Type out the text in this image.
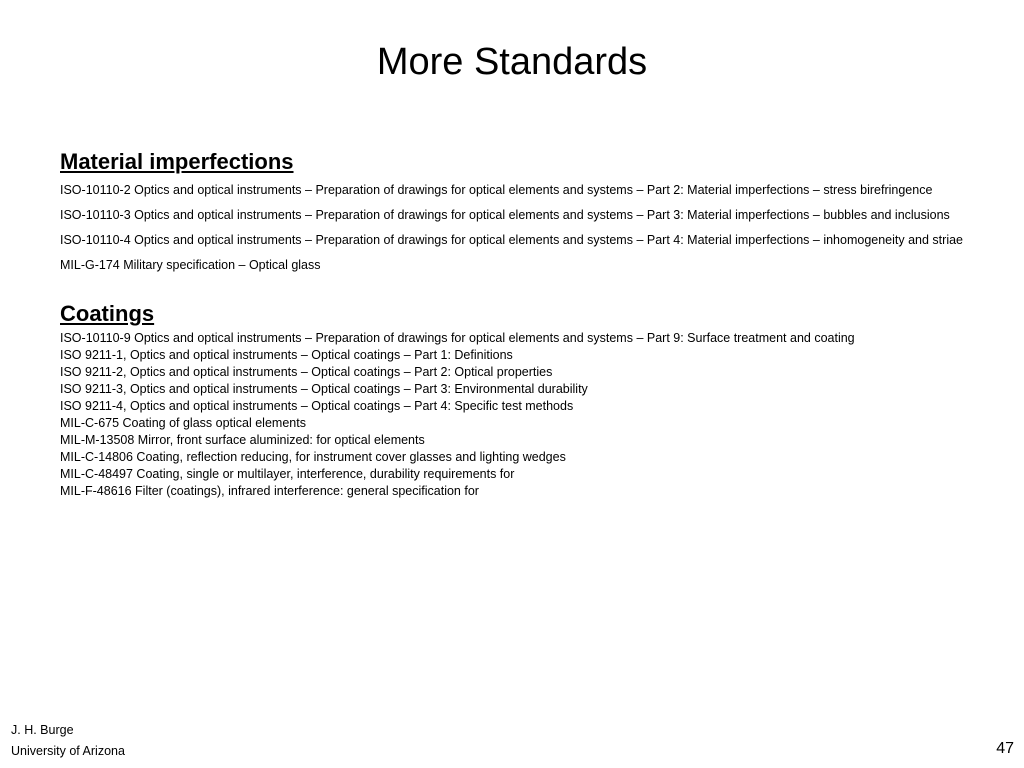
More Standards
Material imperfections
ISO-10110-2 Optics and optical instruments – Preparation of drawings for optical elements and systems – Part 2: Material imperfections – stress birefringence
ISO-10110-3 Optics and optical instruments – Preparation of drawings for optical elements and systems – Part 3: Material imperfections – bubbles and inclusions
ISO-10110-4 Optics and optical instruments – Preparation of drawings for optical elements and systems – Part 4: Material imperfections – inhomogeneity and striae
MIL-G-174 Military specification – Optical glass
Coatings
ISO-10110-9 Optics and optical instruments – Preparation of drawings for optical elements and systems – Part 9: Surface treatment and coating
ISO 9211-1, Optics and optical instruments – Optical coatings – Part 1: Definitions
ISO 9211-2, Optics and optical instruments – Optical coatings – Part 2: Optical properties
ISO 9211-3, Optics and optical instruments – Optical coatings – Part 3: Environmental durability
ISO 9211-4, Optics and optical instruments – Optical coatings – Part 4: Specific test methods
MIL-C-675 Coating of glass optical elements
MIL-M-13508 Mirror, front surface aluminized: for optical elements
MIL-C-14806 Coating, reflection reducing, for instrument cover glasses and lighting wedges
MIL-C-48497 Coating, single or multilayer, interference, durability requirements for
MIL-F-48616 Filter (coatings), infrared interference: general specification for
J. H. Burge
University of Arizona	47
